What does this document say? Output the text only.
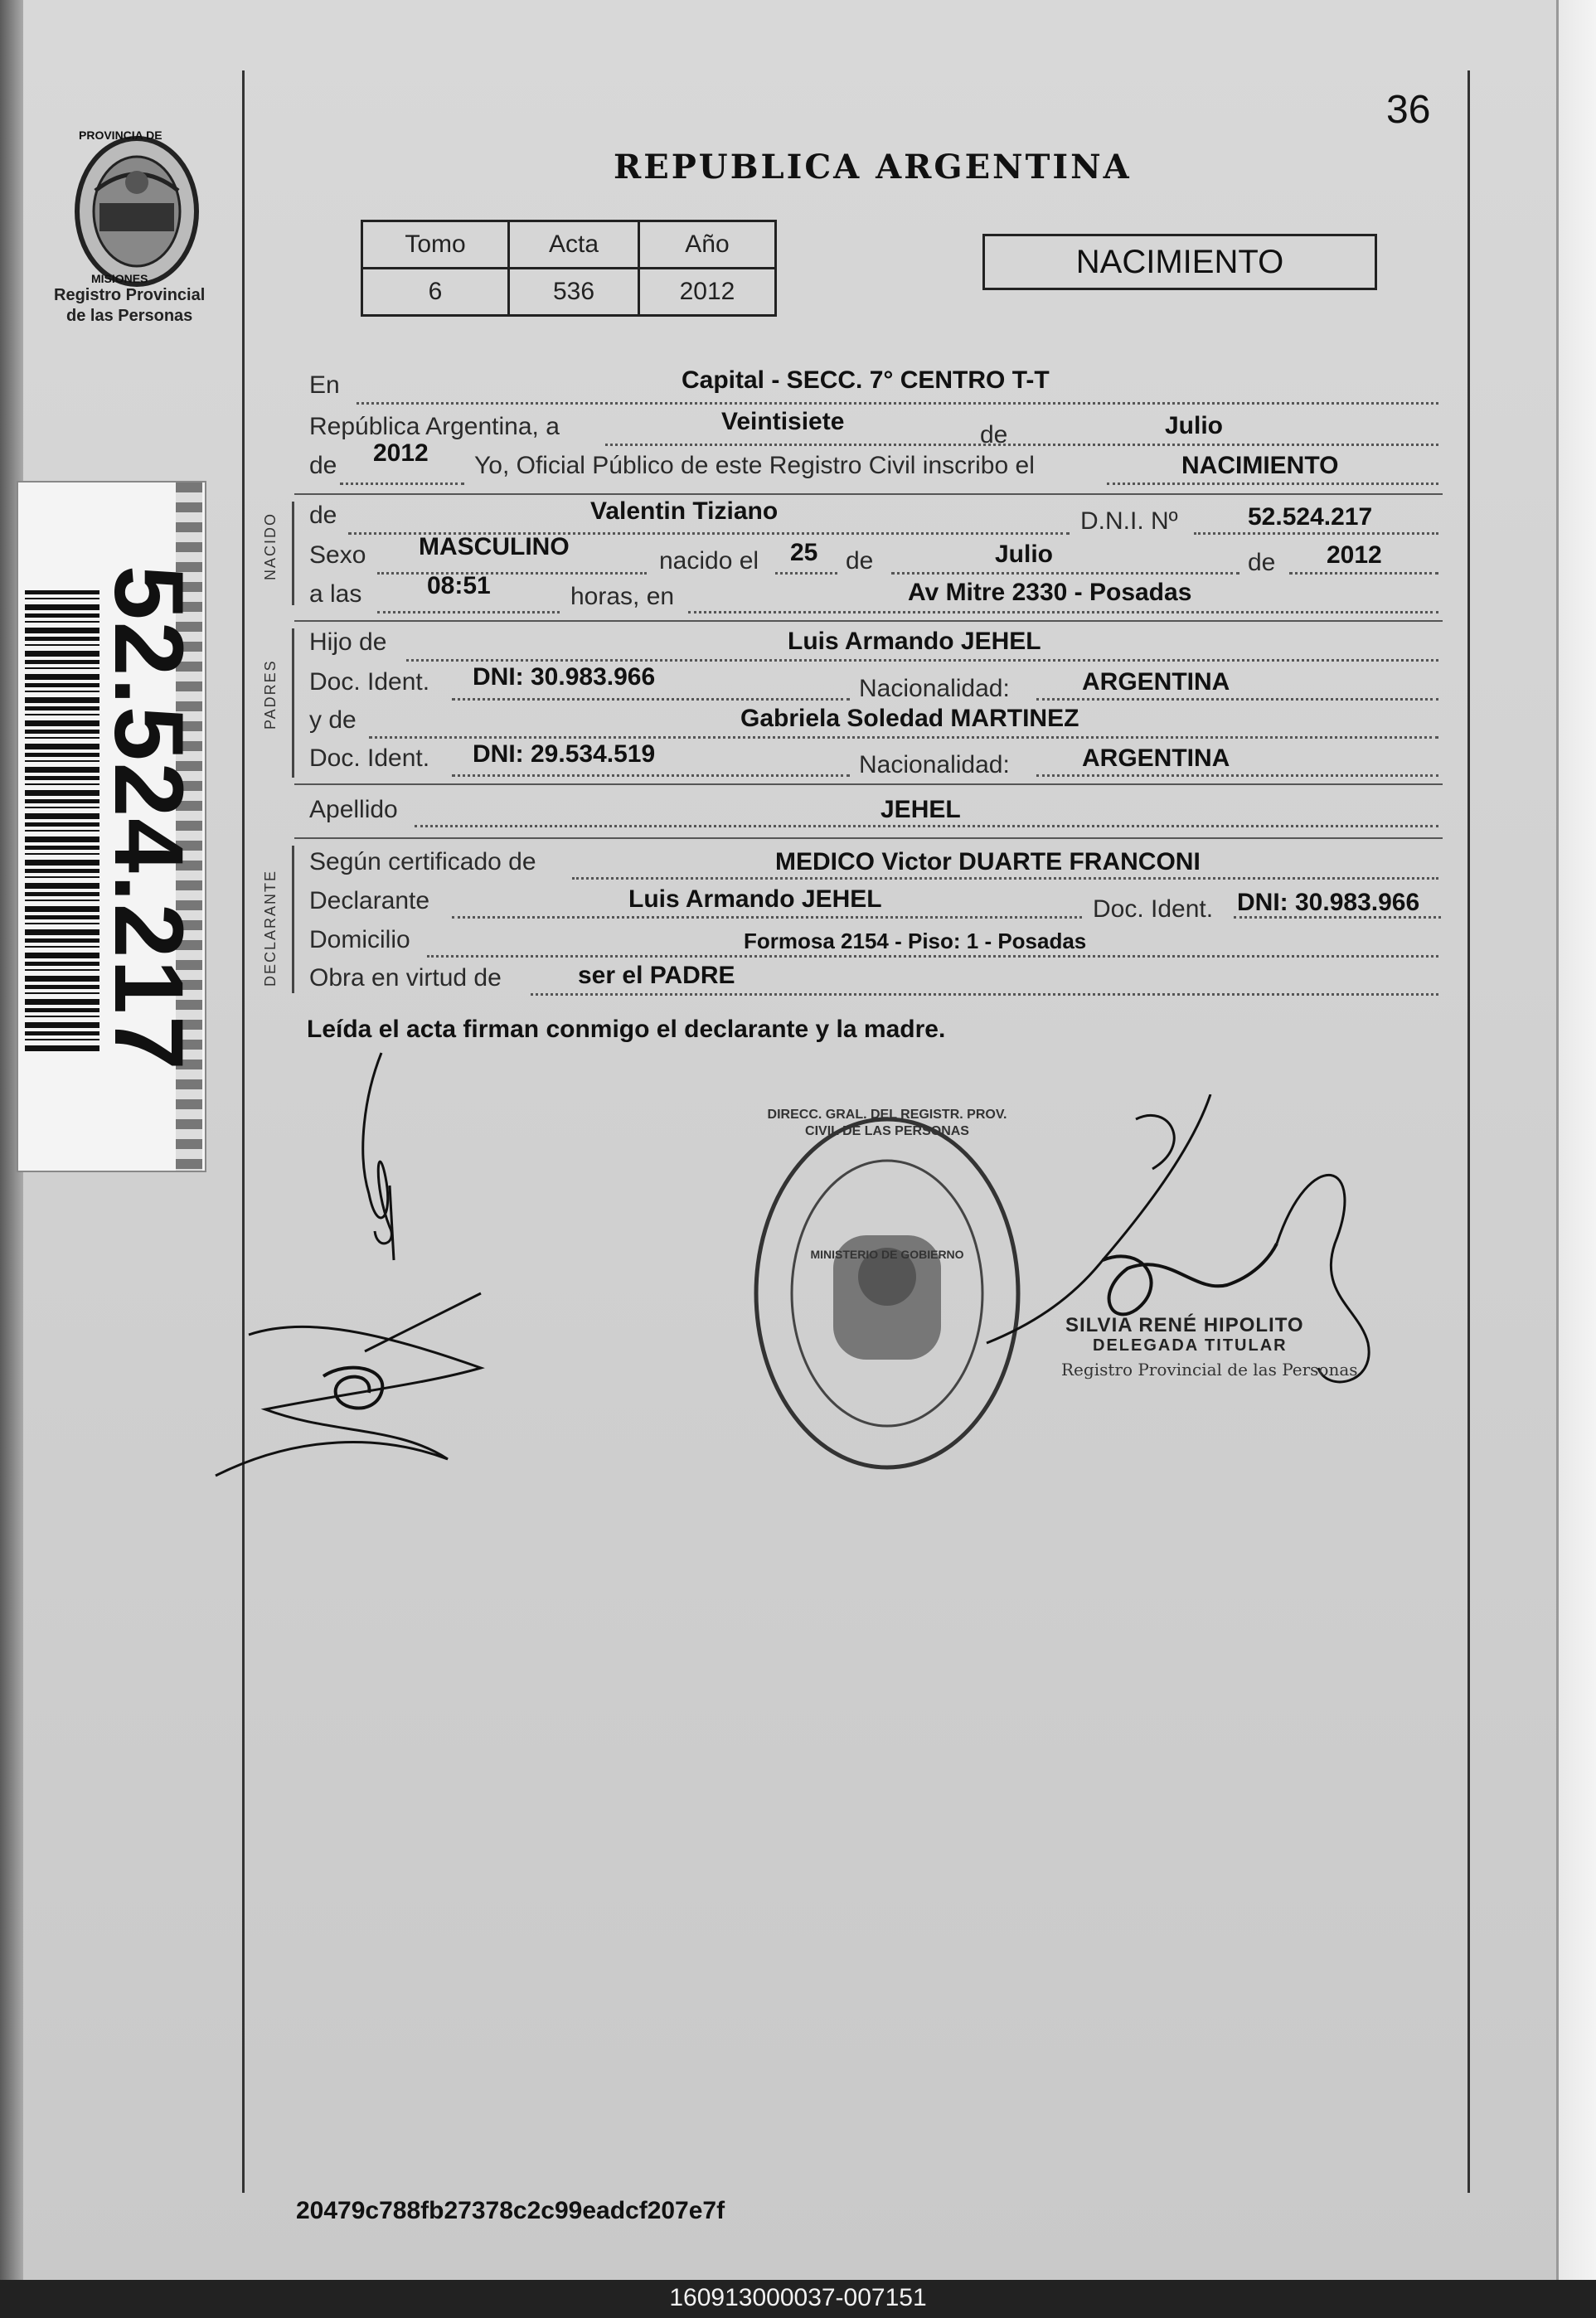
PROVINCIA DE
MISIONES
Registro Provincial
de las Personas
52.524.217
36
REPUBLICA ARGENTINA
Tomo	Acta	Año
6	536	2012
NACIMIENTO
En	Capital - SECC. 7° CENTRO T-T
República Argentina, a	Veintisiete	de	Julio
de 2012 Yo, Oficial Público de este Registro Civil inscribo el	NACIMIENTO
NACIDO de	Valentin Tiziano	D.N.I. Nº	52.524.217
Sexo MASCULINO
nacido el 25 de	Julio	de 2012
a las	08:51	horas, en	Av Mitre 2330 - Posadas
PADRES
Hijo de	Luis Armando JEHEL
Doc. Ident. DNI: 30.983.966	Nacionalidad:	ARGENTINA
y de	Gabriela Soledad MARTINEZ
Doc. Ident. DNI: 29.534.519	Nacionalidad:	ARGENTINA
Apellido	JEHEL
DECLARANTE
Según certificado de	MEDICO Victor DUARTE FRANCONI
Declarante	Luis Armando JEHEL	Doc. Ident. DNI: 30.983.966
Domicilio	Formosa 2154 - Piso: 1 - Posadas
Obra en virtud de	ser el PADRE
Leída el acta firman conmigo el declarante y la madre.
DIRECC. GRAL. DEL REGISTR. PROV. CIVIL DE LAS PERSONAS
MINISTERIO DE GOBIERNO
SILVIA RENÉ HIPOLITO
DELEGADA TITULAR
Registro Provincial de las Personas
20479c788fb27378c2c99eadcf207e7f
160913000037-007151
